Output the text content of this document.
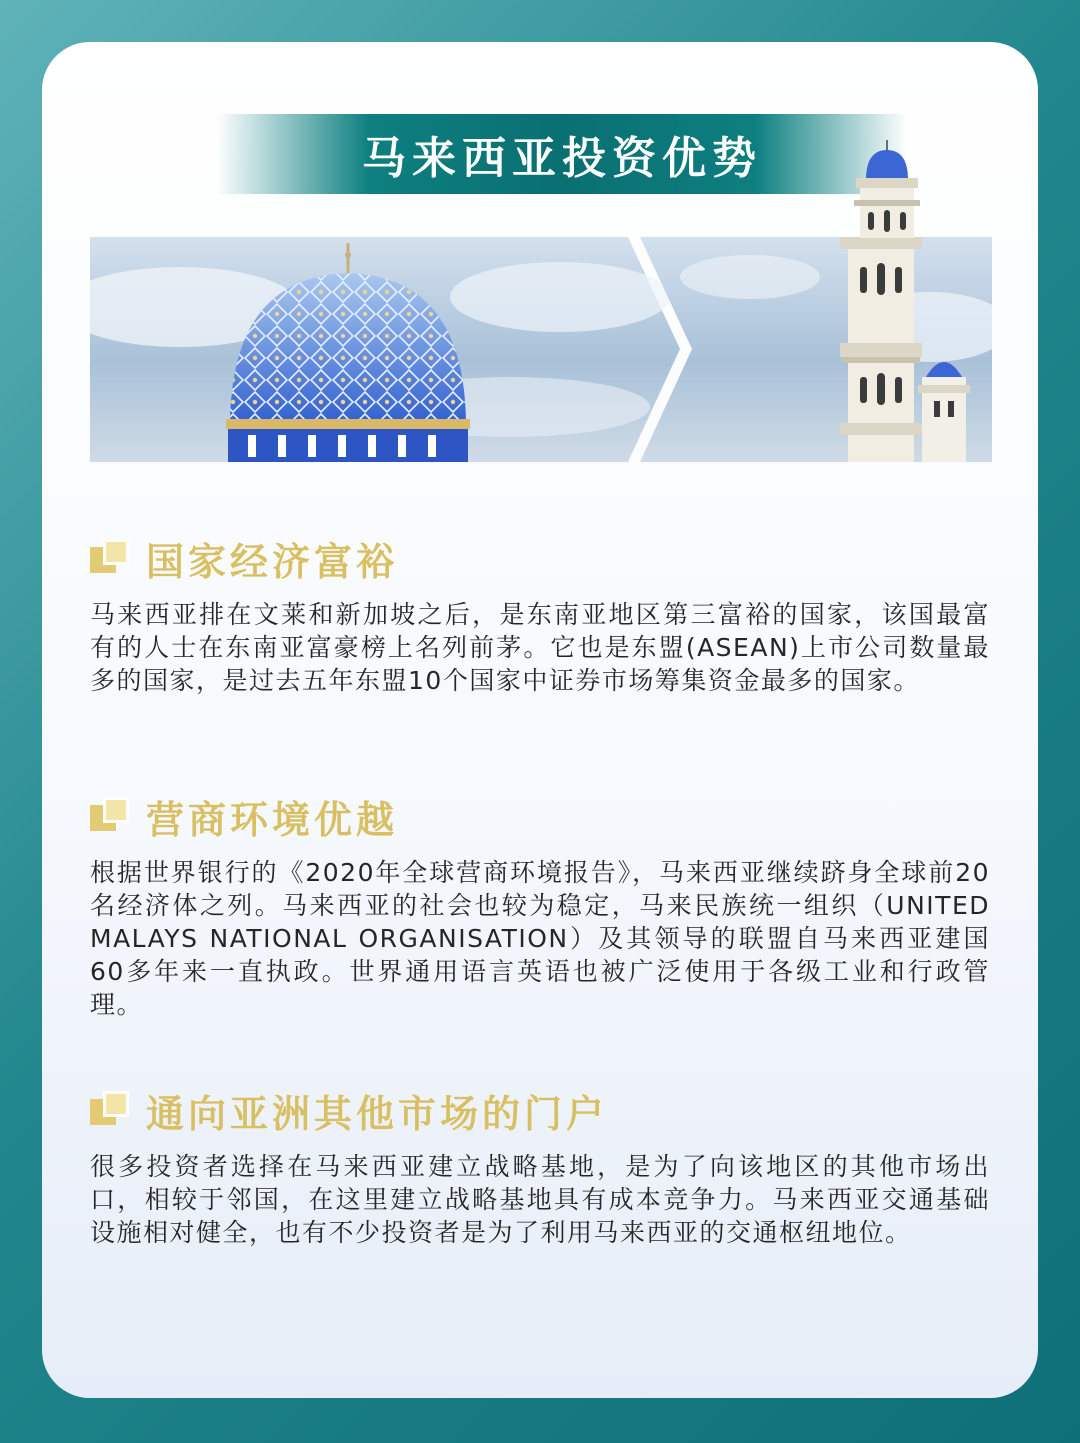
马来西亚投资优势
国家经济富裕
马来西亚排在文莱和新加坡之后，是东南亚地区第三富裕的国家，该国最富有的人士在东南亚富豪榜上名列前茅。它也是东盟(ASEAN)上市公司数量最多的国家，是过去五年东盟10个国家中证券市场筹集资金最多的国家。
营商环境优越
根据世界银行的《2020年全球营商环境报告》，马来西亚继续跻身全球前20名经济体之列。马来西亚的社会也较为稳定，马来民族统一组织（UNITED MALAYS NATIONAL ORGANISATION）及其领导的联盟自马来西亚建国60多年来一直执政。世界通用语言英语也被广泛使用于各级工业和行政管理。
通向亚洲其他市场的门户
很多投资者选择在马来西亚建立战略基地，是为了向该地区的其他市场出口，相较于邻国，在这里建立战略基地具有成本竞争力。马来西亚交通基础设施相对健全，也有不少投资者是为了利用马来西亚的交通枢纽地位。
